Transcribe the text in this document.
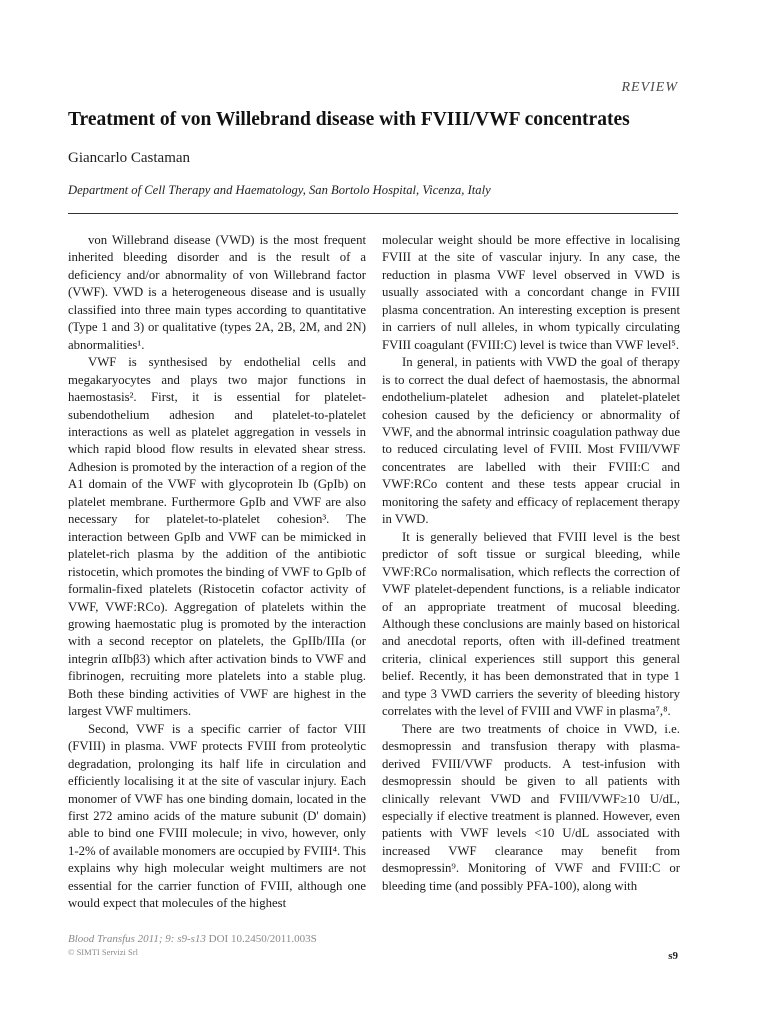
REVIEW
Treatment of von Willebrand disease with FVIII/VWF concentrates

Giancarlo Castaman

Department of Cell Therapy and Haematology, San Bortolo Hospital, Vicenza, Italy

von Willebrand disease (VWD) is the most frequent inherited bleeding disorder and is the result of a deficiency and/or abnormality of von Willebrand factor (VWF). VWD is a heterogeneous disease and is usually classified into three main types according to quantitative (Type 1 and 3) or qualitative (types 2A, 2B, 2M, and 2N) abnormalities¹.

VWF is synthesised by endothelial cells and megakaryocytes and plays two major functions in haemostasis². First, it is essential for platelet-subendothelium adhesion and platelet-to-platelet interactions as well as platelet aggregation in vessels in which rapid blood flow results in elevated shear stress. Adhesion is promoted by the interaction of a region of the A1 domain of the VWF with glycoprotein Ib (GpIb) on platelet membrane. Furthermore GpIb and VWF are also necessary for platelet-to-platelet cohesion³. The interaction between GpIb and VWF can be mimicked in platelet-rich plasma by the addition of the antibiotic ristocetin, which promotes the binding of VWF to GpIb of formalin-fixed platelets (Ristocetin cofactor activity of VWF, VWF:RCo). Aggregation of platelets within the growing haemostatic plug is promoted by the interaction with a second receptor on platelets, the GpIIb/IIIa (or integrin αIIbβ3) which after activation binds to VWF and fibrinogen, recruiting more platelets into a stable plug. Both these binding activities of VWF are highest in the largest VWF multimers.

Second, VWF is a specific carrier of factor VIII (FVIII) in plasma. VWF protects FVIII from proteolytic degradation, prolonging its half life in circulation and efficiently localising it at the site of vascular injury. Each monomer of VWF has one binding domain, located in the first 272 amino acids of the mature subunit (D' domain) able to bind one FVIII molecule; in vivo, however, only 1-2% of available monomers are occupied by FVIII⁴. This explains why high molecular weight multimers are not essential for the carrier function of FVIII, although one would expect that molecules of the highest

molecular weight should be more effective in localising FVIII at the site of vascular injury. In any case, the reduction in plasma VWF level observed in VWD is usually associated with a concordant change in FVIII plasma concentration. An interesting exception is present in carriers of null alleles, in whom typically circulating FVIII coagulant (FVIII:C) level is twice than VWF level⁵.

In general, in patients with VWD the goal of therapy is to correct the dual defect of haemostasis, the abnormal endothelium-platelet adhesion and platelet-platelet cohesion caused by the deficiency or abnormality of VWF, and the abnormal intrinsic coagulation pathway due to reduced circulating level of FVIII. Most FVIII/VWF concentrates are labelled with their FVIII:C and VWF:RCo content and these tests appear crucial in monitoring the safety and efficacy of replacement therapy in VWD.

It is generally believed that FVIII level is the best predictor of soft tissue or surgical bleeding, while VWF:RCo normalisation, which reflects the correction of VWF platelet-dependent functions, is a reliable indicator of an appropriate treatment of mucosal bleeding. Although these conclusions are mainly based on historical and anecdotal reports, often with ill-defined treatment criteria, clinical experiences still support this general belief. Recently, it has been demonstrated that in type 1 and type 3 VWD carriers the severity of bleeding history correlates with the level of FVIII and VWF in plasma⁷,⁸.

There are two treatments of choice in VWD, i.e. desmopressin and transfusion therapy with plasma-derived FVIII/VWF products. A test-infusion with desmopressin should be given to all patients with clinically relevant VWD and FVIII/VWF≥10 U/dL, especially if elective treatment is planned. However, even patients with VWF levels <10 U/dL associated with increased VWF clearance may benefit from desmopressin⁹. Monitoring of VWF and FVIII:C or bleeding time (and possibly PFA-100), along with

Blood Transfus 2011; 9: s9-s13 DOI 10.2450/2011.003S
© SIMTI Servizi Srl	s9
